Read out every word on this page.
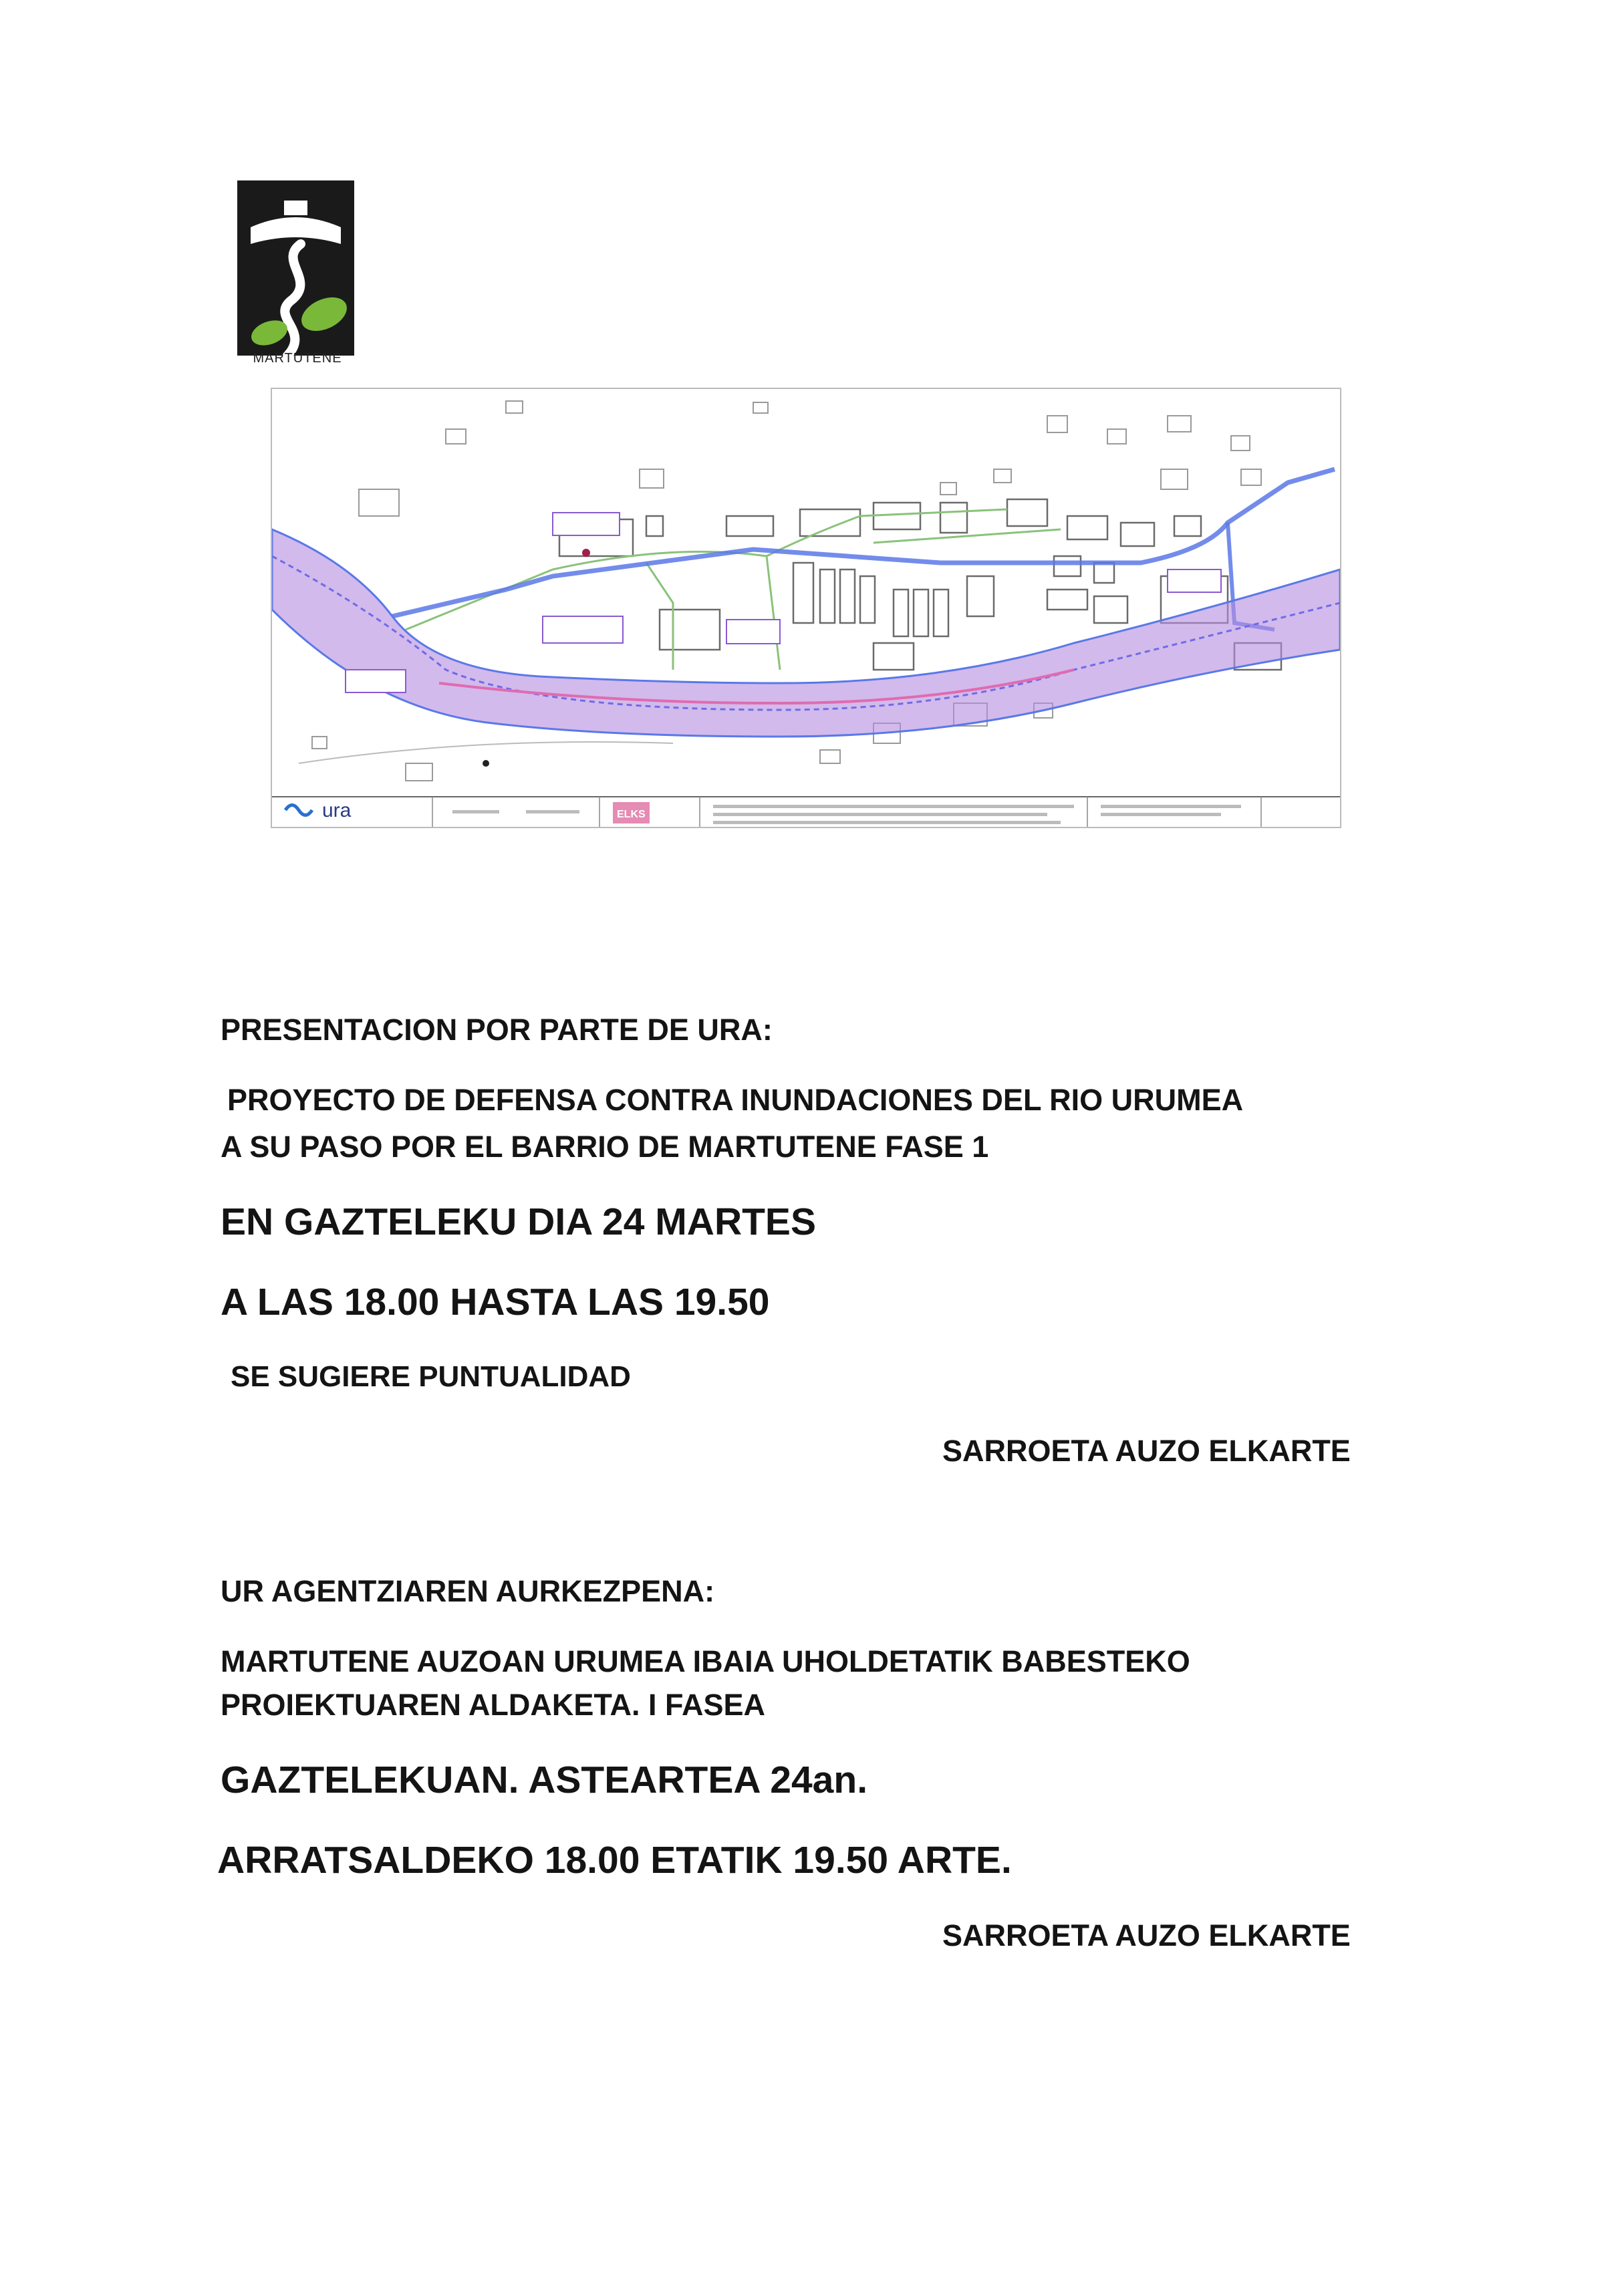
MARTUTENE
ura	ELKS
PRESENTACION POR PARTE DE URA:
PROYECTO DE DEFENSA CONTRA INUNDACIONES DEL RIO URUMEA
A SU PASO POR EL BARRIO DE MARTUTENE FASE 1
EN GAZTELEKU DIA 24 MARTES
A LAS 18.00 HASTA LAS 19.50
SE SUGIERE PUNTUALIDAD
SARROETA AUZO ELKARTE
UR AGENTZIAREN AURKEZPENA:
MARTUTENE AUZOAN URUMEA IBAIA UHOLDETATIK BABESTEKO
PROIEKTUAREN ALDAKETA. I FASEA
GAZTELEKUAN. ASTEARTEA 24an.
ARRATSALDEKO 18.00 ETATIK 19.50 ARTE.
SARROETA AUZO ELKARTE
